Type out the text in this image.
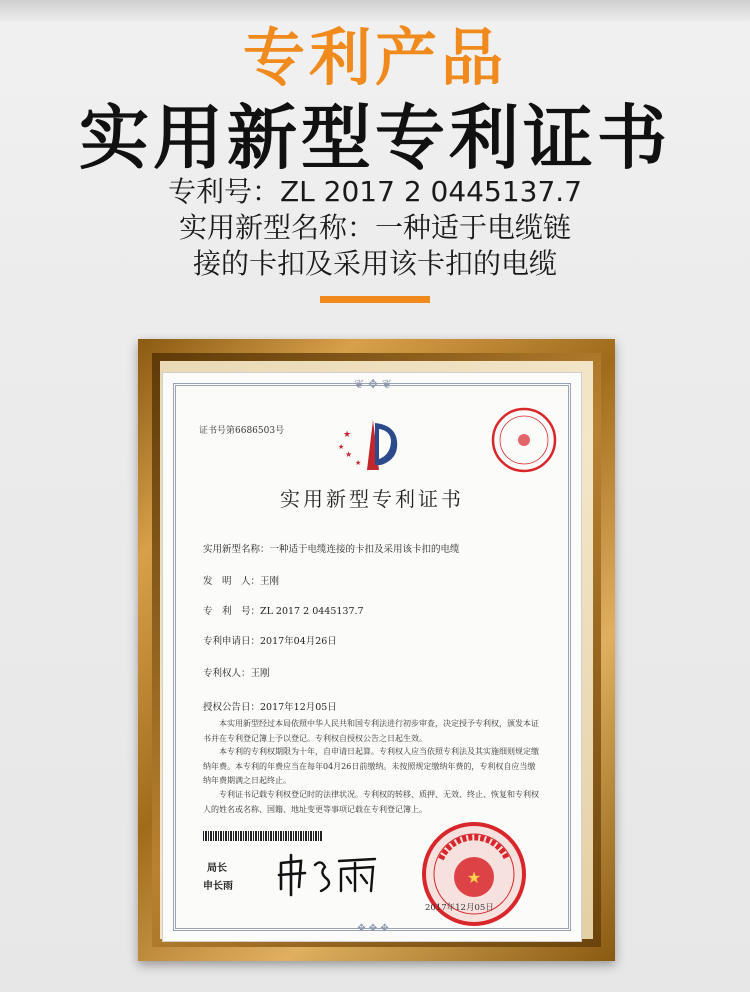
专利产品
实用新型专利证书
专利号：ZL 2017 2 0445137.7
实用新型名称：一种适于电缆链
接的卡扣及采用该卡扣的电缆
❦ ✥ ❦
✥ ✥ ✥
证书号第6686503号	★
★
★
★
实用新型专利证书
实用新型名称：一种适于电缆连接的卡扣及采用该卡扣的电缆
发　明　人：王刚
专　利　号：ZL 2017 2 0445137.7
专利申请日：2017年04月26日
专利权人：王刚
授权公告日：2017年12月05日
本实用新型经过本局依照中华人民共和国专利法进行初步审查，决定授予专利权，颁发本证书并在专利登记簿上予以登记。专利权自授权公告之日起生效。
本专利的专利权期限为十年，自申请日起算。专利权人应当依照专利法及其实施细则规定缴纳年费。本专利的年费应当在每年04月26日前缴纳。未按照规定缴纳年费的，专利权自应当缴纳年费期满之日起终止。
专利证书记载专利权登记时的法律状况。专利权的转移、质押、无效、终止、恢复和专利权人的姓名或名称、国籍、地址变更等事项记载在专利登记簿上。
局长
申长雨	★
2017年12月05日
